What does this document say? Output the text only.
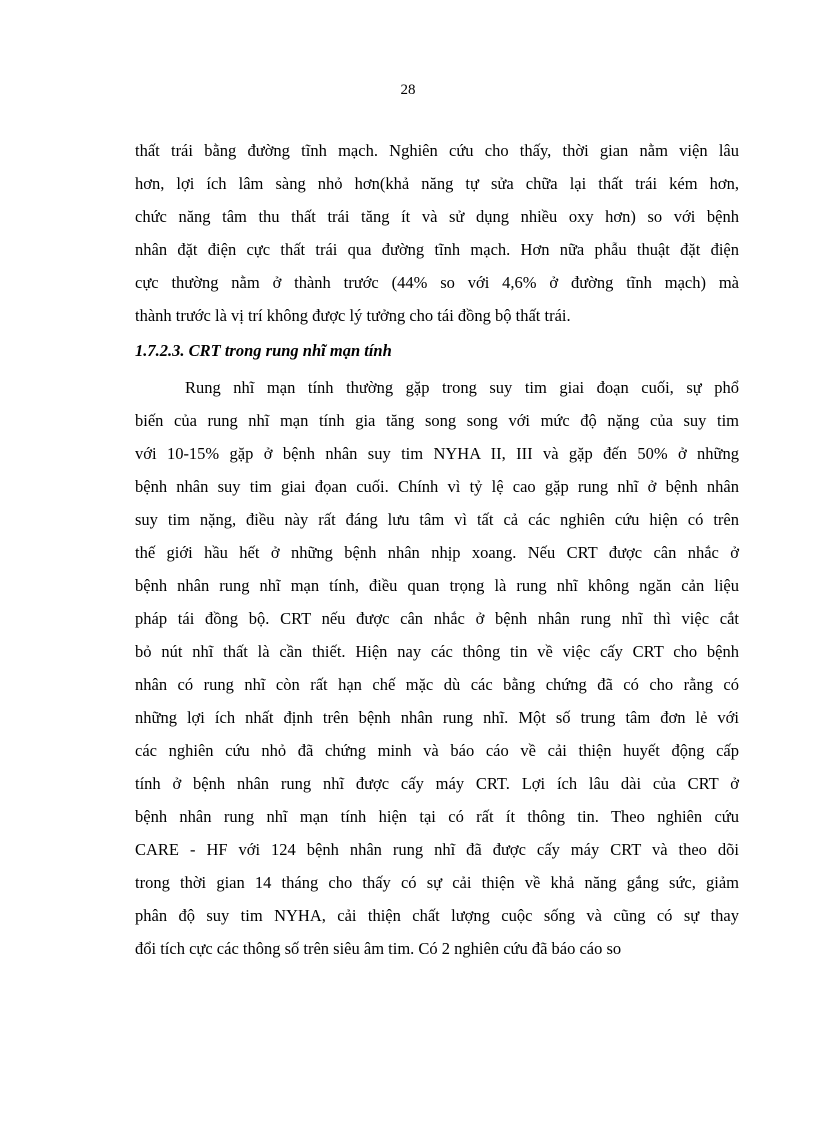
28
thất trái bằng đường tĩnh mạch. Nghiên cứu cho thấy, thời gian nằm viện lâu
hơn, lợi ích lâm sàng nhỏ hơn(khả năng tự sửa chữa lại thất trái kém hơn,
chức năng tâm thu thất trái tăng ít và sử dụng nhiều oxy hơn) so với bệnh
nhân đặt điện cực thất trái qua đường tĩnh mạch. Hơn nữa phẫu thuật đặt điện
cực thường nằm ở thành trước (44% so với 4,6% ở đường tĩnh mạch) mà
thành trước là vị trí không được lý tưởng cho tái đồng bộ thất trái.
1.7.2.3. CRT trong rung nhĩ mạn tính
Rung nhĩ mạn tính thường gặp trong suy tim giai đoạn cuối, sự phổ
biến của rung nhĩ mạn tính gia tăng song song với mức độ nặng của suy tim
với 10-15% gặp ở bệnh nhân suy tim NYHA II, III và gặp đến 50% ở những
bệnh nhân suy tim giai đọan cuối. Chính vì tỷ lệ cao gặp rung nhĩ ở bệnh nhân
suy tim nặng, điều này rất đáng lưu tâm vì tất cả các nghiên cứu hiện có trên
thế giới hầu hết ở những bệnh nhân nhịp xoang. Nếu CRT được cân nhắc ở
bệnh nhân rung nhĩ mạn tính, điều quan trọng là rung nhĩ không ngăn cản liệu
pháp tái đồng bộ. CRT nếu được cân nhắc ở bệnh nhân rung nhĩ thì việc cắt
bỏ nút nhĩ thất là cần thiết. Hiện nay các thông tin về việc cấy CRT cho bệnh
nhân có rung nhĩ còn rất hạn chế mặc dù các bằng chứng đã có cho rằng có
những lợi ích nhất định trên bệnh nhân rung nhĩ. Một số trung tâm đơn lẻ với
các nghiên cứu nhỏ đã chứng minh và báo cáo về cải thiện huyết động cấp
tính ở bệnh nhân rung nhĩ được cấy máy CRT. Lợi ích lâu dài của CRT ở
bệnh nhân rung nhĩ mạn tính hiện tại có rất ít thông tin. Theo nghiên cứu
CARE - HF với 124 bệnh nhân rung nhĩ đã được cấy máy CRT và theo dõi
trong thời gian 14 tháng cho thấy có sự cải thiện về khả năng gắng sức, giảm
phân độ suy tim NYHA, cải thiện chất lượng cuộc sống và cũng có sự thay
đổi tích cực các thông số trên siêu âm tim. Có 2 nghiên cứu đã báo cáo so
